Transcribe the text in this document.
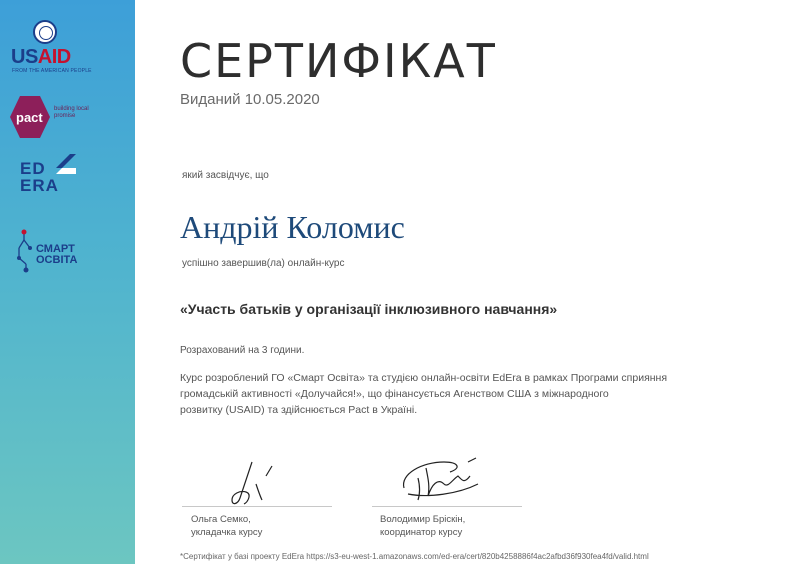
USAID
FROM THE AMERICAN PEOPLE
pact
building local promise
ED
ERA
СМАРТ
ОСВІТА
СЕРТИФІКАТ
Виданий 10.05.2020
який засвідчує, що
Андрій Коломис
успішно завершив(ла) онлайн-курс
«Участь батьків у організації інклюзивного навчання»
Розрахований на 3 години.

Курс розроблений ГО «Смарт Освіта» та студією онлайн-освіти EdEra в рамках Програми сприяння

громадській активності «Долучайся!», що фінансується Агенством США з міжнародного

розвитку (USAID) та здійснюється Pact в Україні.

Ольга Семко,
укладачка курсу
Володимир Бріскін,
координатор курсу
*Сертифікат у базі проекту EdEra https://s3-eu-west-1.amazonaws.com/ed-era/cert/820b4258886f4ac2afbd36f930fea4fd/valid.html
